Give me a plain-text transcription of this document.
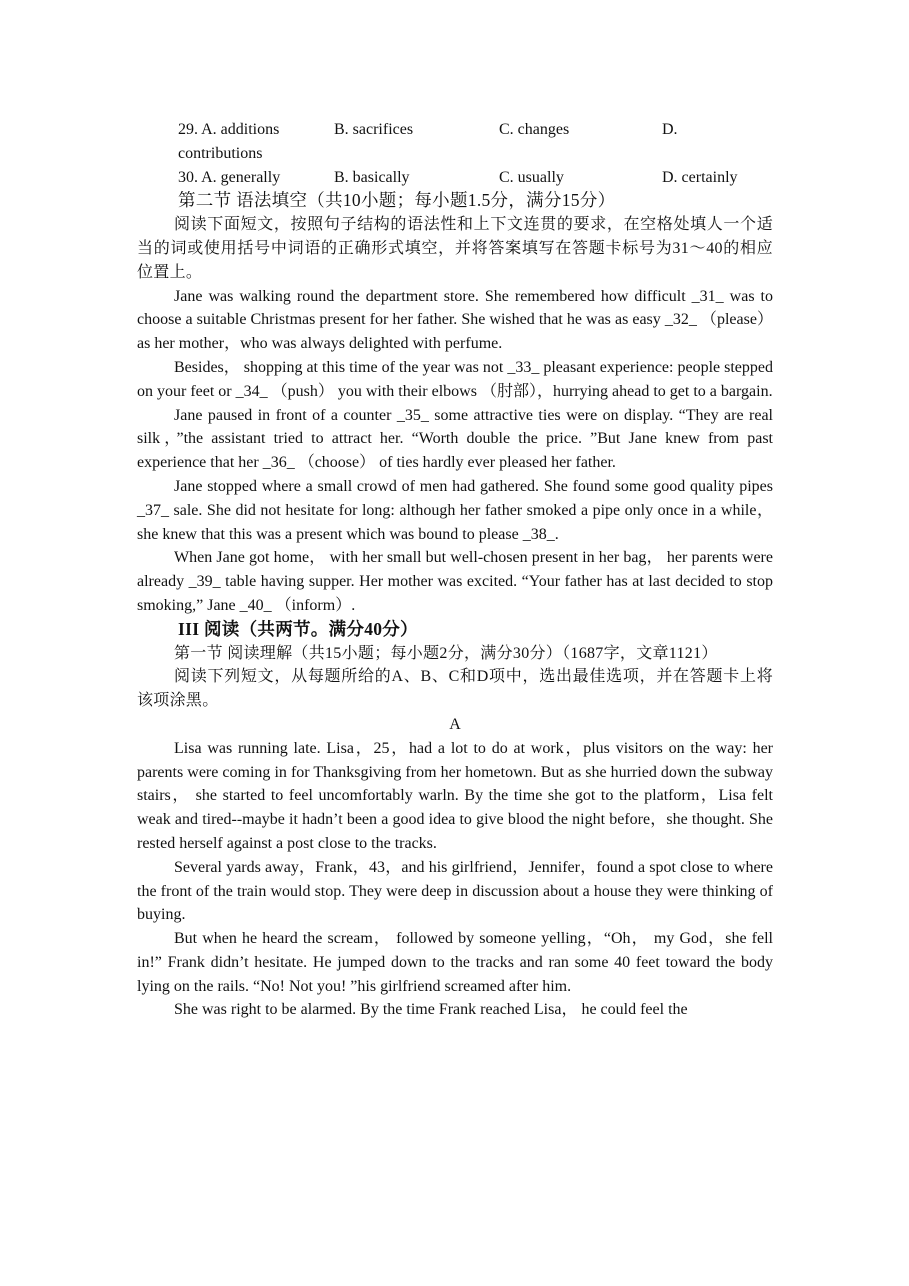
29. A. additions	B. sacrifices	C. changes	D.
contributions
30. A. generally	B. basically	C. usually	D. certainly
第二节 语法填空（共10小题；每小题1.5分，满分15分）
阅读下面短文，按照句子结构的语法性和上下文连贯的要求，在空格处填人一个适当的词或使用括号中词语的正确形式填空，并将答案填写在答题卡标号为31～40的相应位置上。
Jane was walking round the department store. She remembered how difficult _31_ was to choose a suitable Christmas present for her father. She wished that he was as easy _32_ （please） as her mother，who was always delighted with perfume.
Besides， shopping at this time of the year was not _33_ pleasant experience: people stepped on your feet or _34_ （push） you with their elbows （肘部），hurrying ahead to get to a bargain.
Jane paused in front of a counter _35_ some attractive ties were on display. “They are real silk，”the assistant tried to attract her. “Worth double the price. ”But Jane knew from past experience that her _36_ （choose） of ties hardly ever pleased her father.
Jane stopped where a small crowd of men had gathered. She found some good quality pipes _37_ sale. She did not hesitate for long: although her father smoked a pipe only once in a while， she knew that this was a present which was bound to please _38_.
When Jane got home， with her small but well-chosen present in her bag， her parents were already _39_ table having supper. Her mother was excited. “Your father has at last decided to stop smoking,” Jane _40_ （inform）.
III 阅读（共两节。满分40分）
第一节 阅读理解（共15小题；每小题2分，满分30分）（1687字，文章1121）
阅读下列短文，从每题所给的A、B、C和D项中，选出最佳选项，并在答题卡上将该项涂黑。
A
Lisa was running late. Lisa，25，had a lot to do at work，plus visitors on the way: her parents were coming in for Thanksgiving from her hometown. But as she hurried down the subway stairs， she started to feel uncomfortably warln. By the time she got to the platform，Lisa felt weak and tired--maybe it hadn’t been a good idea to give blood the night before，she thought. She rested herself against a post close to the tracks.
Several yards away，Frank，43，and his girlfriend，Jennifer，found a spot close to where the front of the train would stop. They were deep in discussion about a house they were thinking of buying.
But when he heard the scream， followed by someone yelling，“Oh， my God，she fell in!” Frank didn’t hesitate. He jumped down to the tracks and ran some 40 feet toward the body lying on the rails. “No! Not you! ”his girlfriend screamed after him.
She was right to be alarmed. By the time Frank reached Lisa， he could feel the
